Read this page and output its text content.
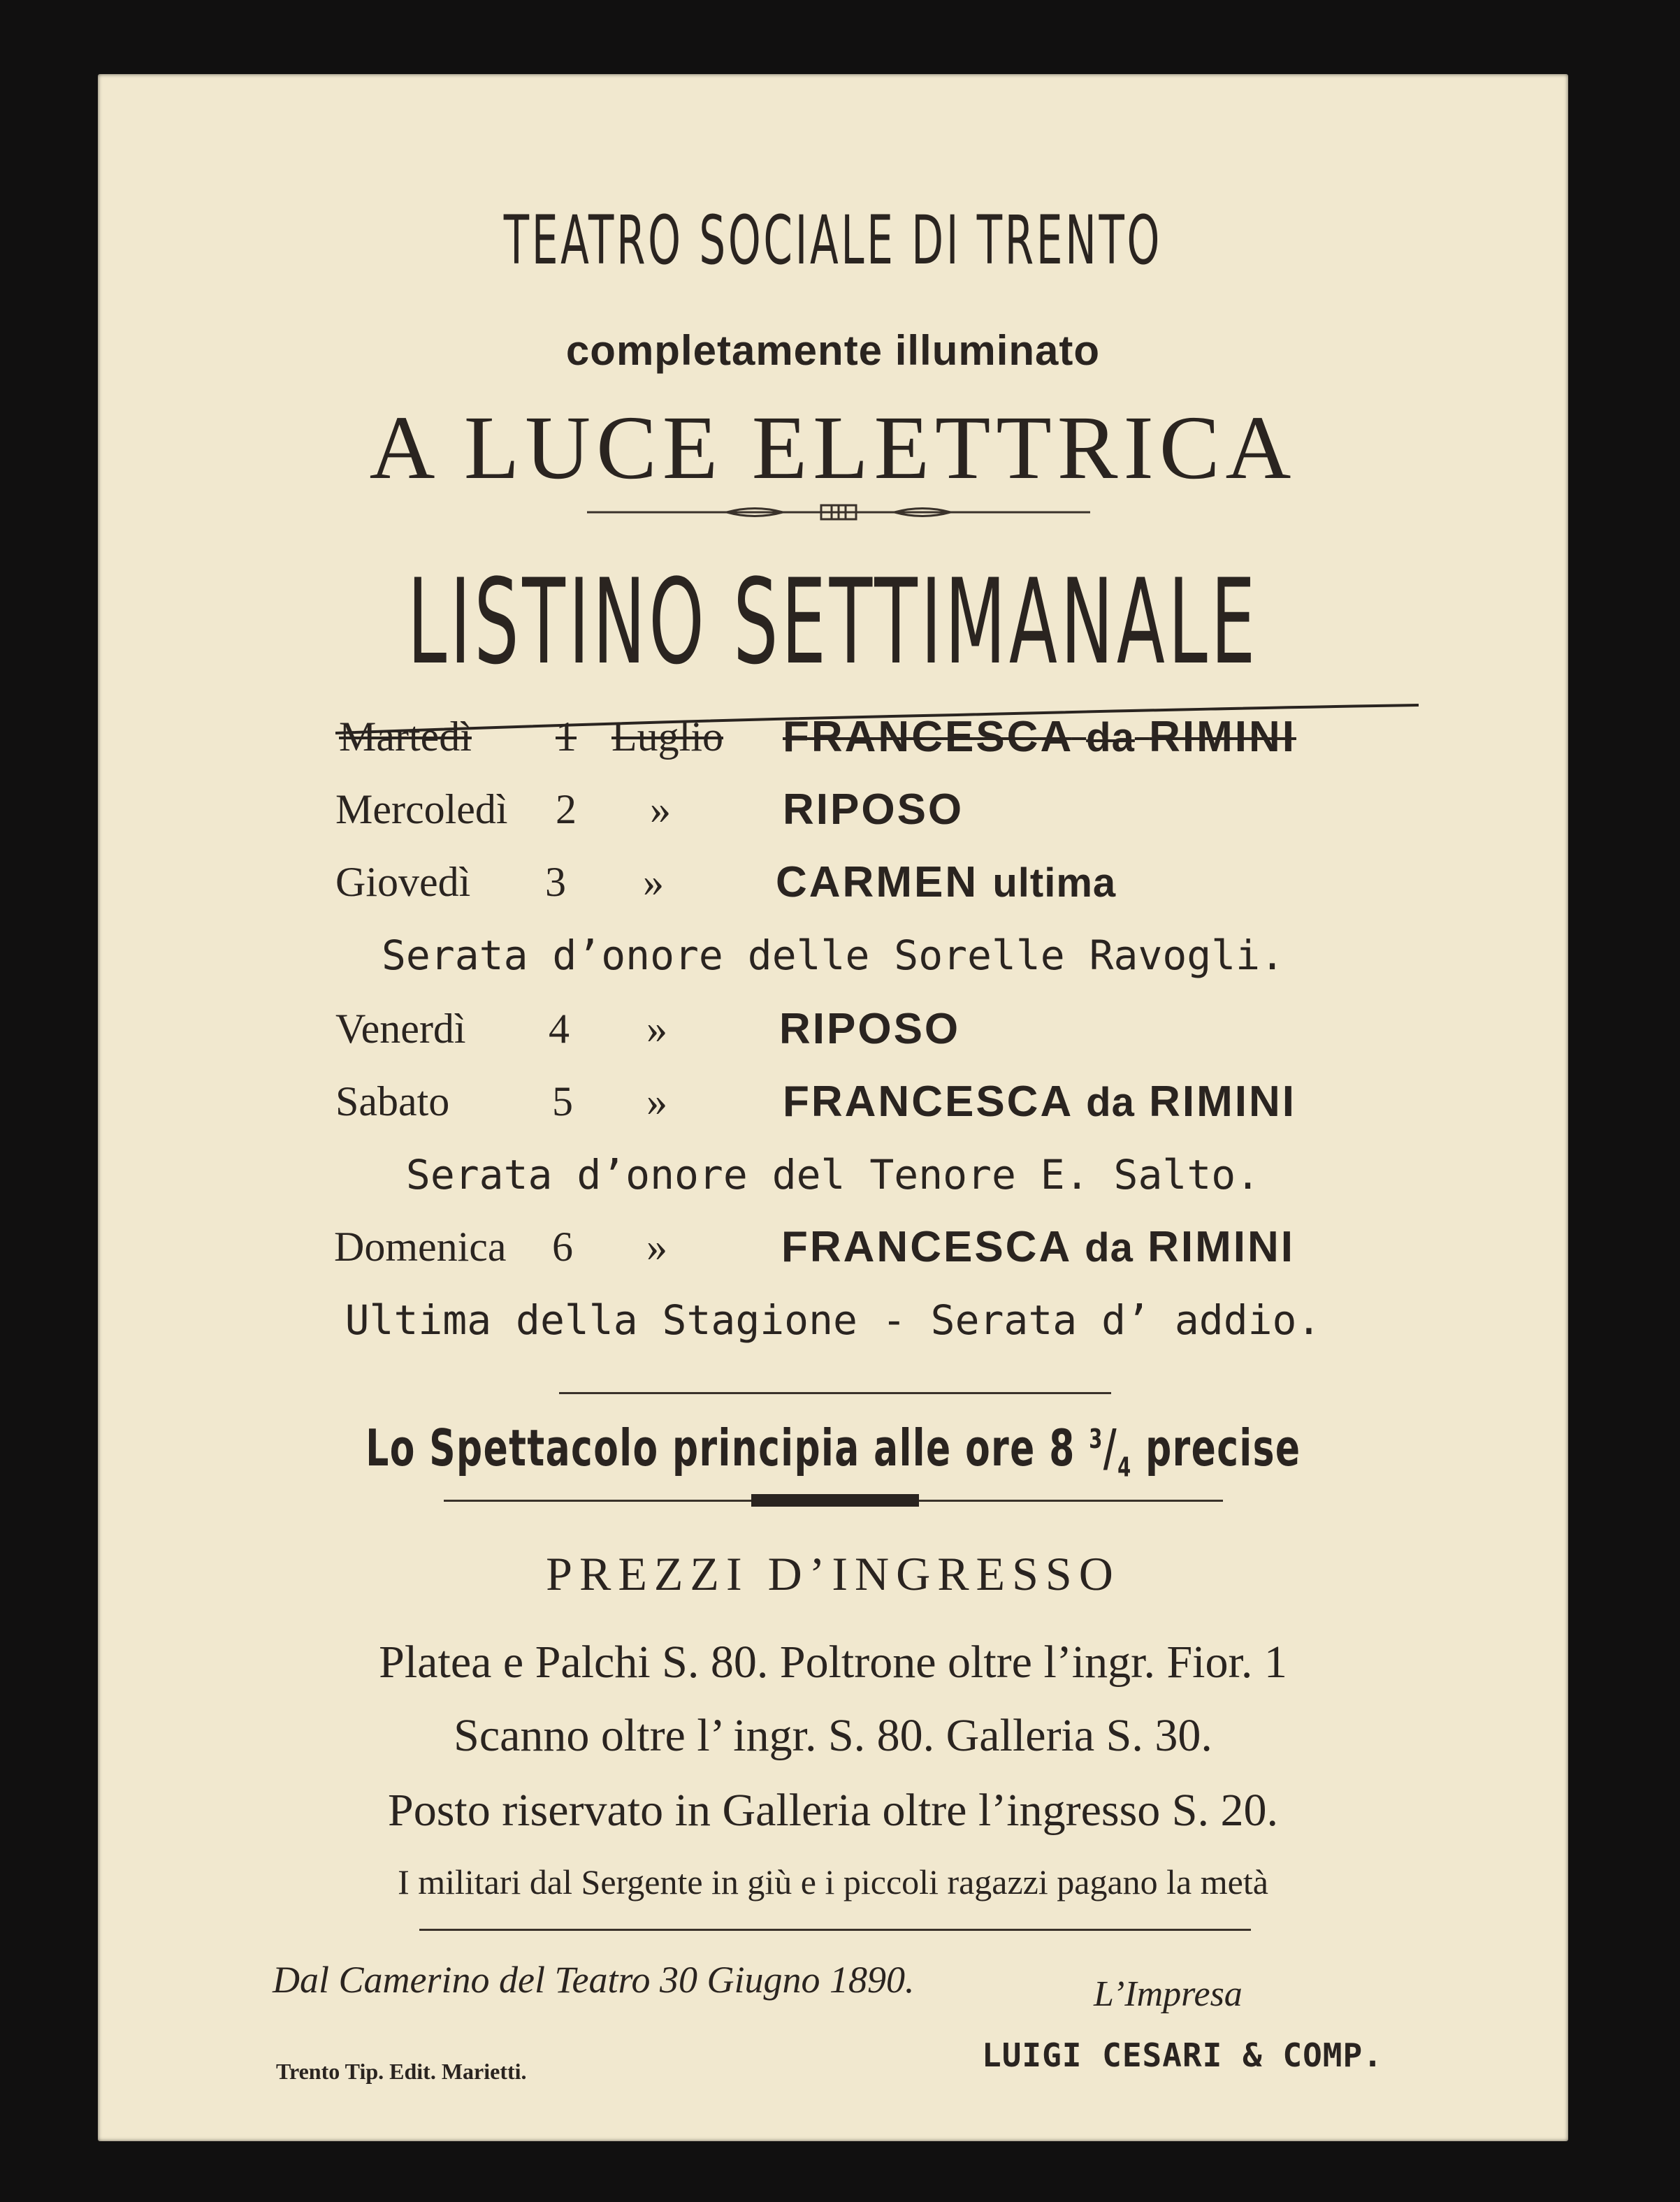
TEATRO SOCIALE DI TRENTO
completamente illuminato
A LUCE ELETTRICA
LISTINO SETTIMANALE
Martedì 1 Luglio FRANCESCA da RIMINI
Mercoledì 2 »	RIPOSO
Giovedì 3 »	CARMEN ultima
Serata d’onore delle Sorelle Ravogli.
Venerdì 4 »	RIPOSO
Sabato 5 »	FRANCESCA da RIMINI
Serata d’onore del Tenore E. Salto.
Domenica 6 »	FRANCESCA da RIMINI
Ultima della Stagione - Serata d’ addio.
Lo Spettacolo principia alle ore 8 $^3/_4$ precise
PREZZI D’INGRESSO
Platea e Palchi S. 80. Poltrone oltre l’ingr. Fior. 1
Scanno oltre l’ ingr. S. 80. Galleria S. 30.
Posto riservato in Galleria oltre l’ingresso S. 20.
I militari dal Sergente in giù e i piccoli ragazzi pagano la metà
Dal Camerino del Teatro 30 Giugno 1890.	L’Impresa
LUIGI CESARI & COMP.
Trento Tip. Edit. Marietti.
